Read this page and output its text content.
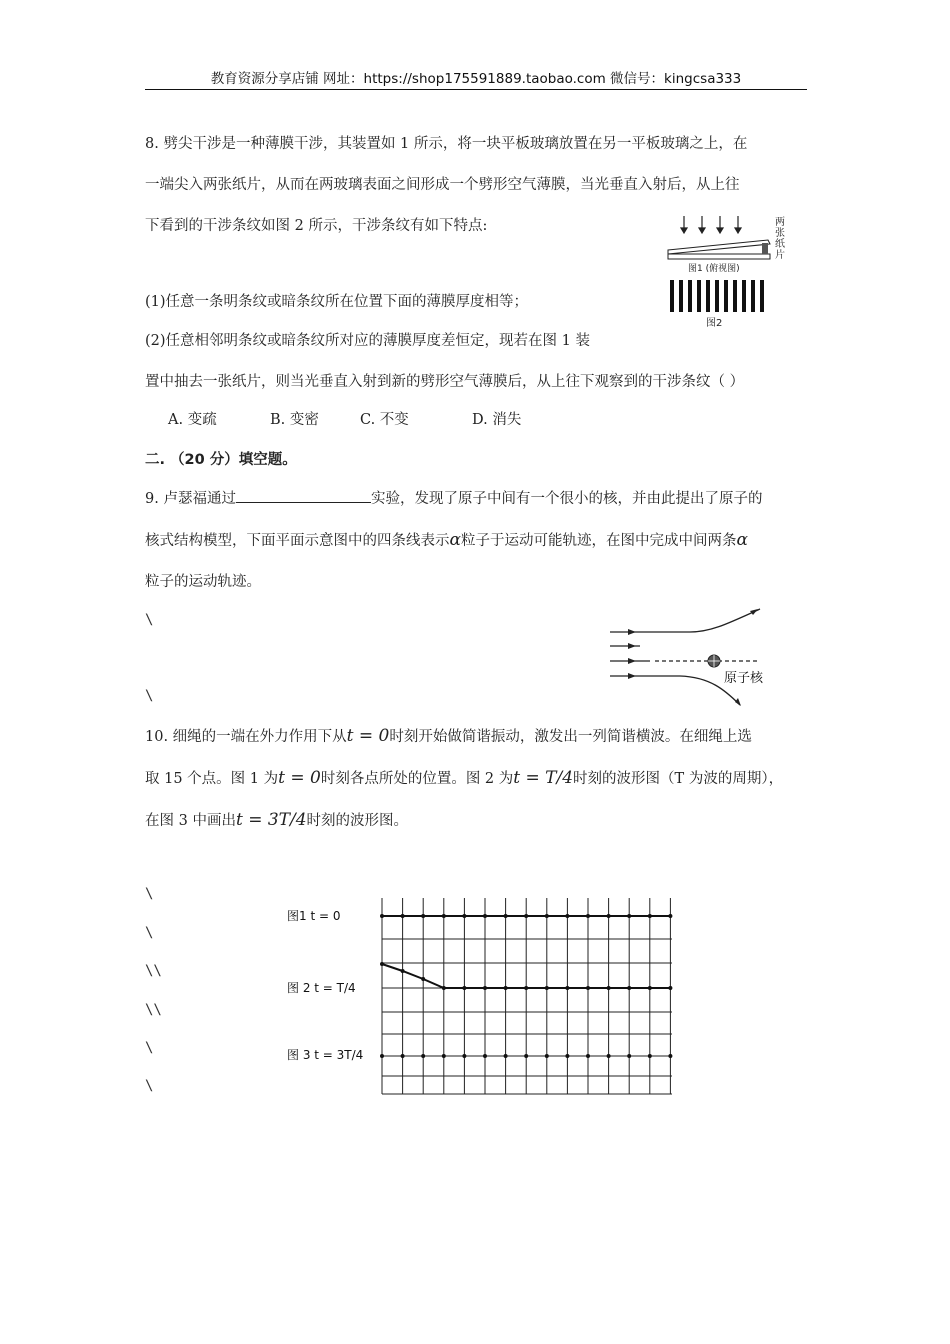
教育资源分享店铺 网址：https://shop175591889.taobao.com 微信号：kingcsa333
8. 劈尖干涉是一种薄膜干涉，其装置如 1 所示，将一块平板玻璃放置在另一平板玻璃之上，在
一端尖入两张纸片，从而在两玻璃表面之间形成一个劈形空气薄膜，当光垂直入射后，从上往
下看到的干涉条纹如图 2 所示，干涉条纹有如下特点:
(1)任意一条明条纹或暗条纹所在位置下面的薄膜厚度相等；
(2)任意相邻明条纹或暗条纹所对应的薄膜厚度差恒定，现若在图 1 装
置中抽去一张纸片，则当光垂直入射到新的劈形空气薄膜后，从上往下观察到的干涉条纹（ ）
A. 变疏	B. 变密	C. 不变	D. 消失
两
张
纸
片
图1 (俯视图)
图2
二. （20 分）填空题。
9. 卢瑟福通过	实验，发现了原子中间有一个很小的核，并由此提出了原子的
核式结构模型，下面平面示意图中的四条线表示α粒子于运动可能轨迹，在图中完成中间两条α
粒子的运动轨迹。
原子核
10. 细绳的一端在外力作用下从t = 0时刻开始做简谐振动，激发出一列简谐横波。在细绳上选
取 15 个点。图 1 为t = 0时刻各点所处的位置。图 2 为t = T/4时刻的波形图（T 为波的周期），
在图 3 中画出t = 3T/4时刻的波形图。
图1 t = 0
图 2 t = T/4
图 3 t = 3T/4
\
\
\
\
\\
\\
\
\
